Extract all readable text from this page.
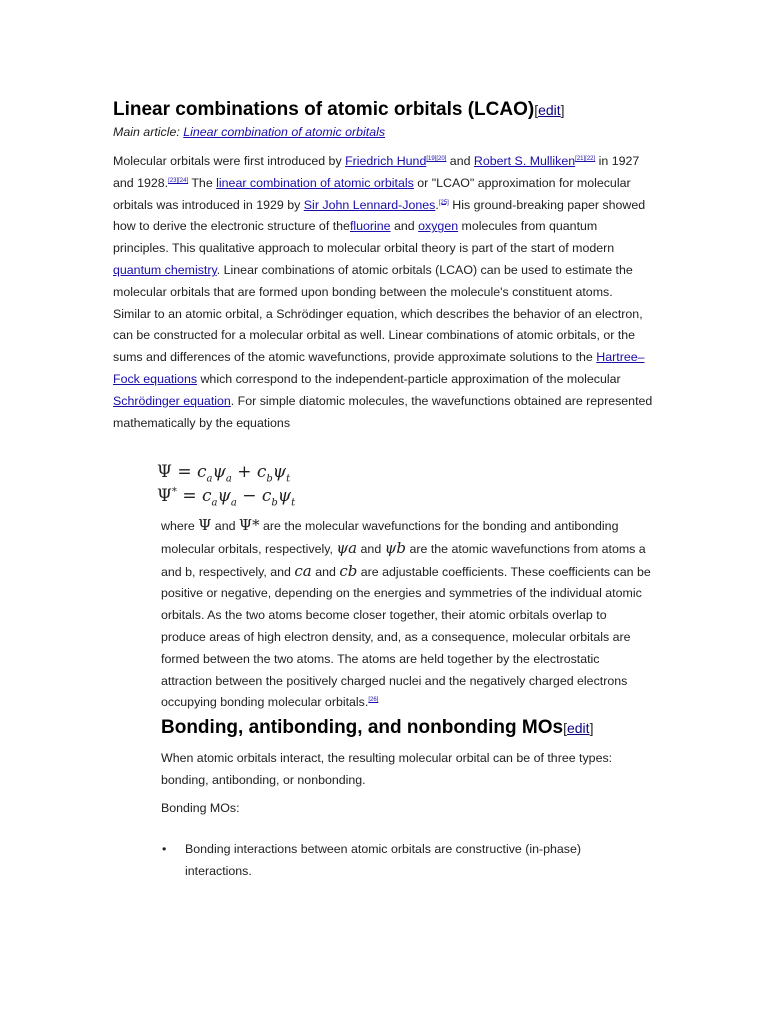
Linear combinations of atomic orbitals (LCAO)[edit]
Main article: Linear combination of atomic orbitals

Molecular orbitals were first introduced by Friedrich Hund[19][20] and Robert S. Mulliken[21][22] in 1927 and 1928.[23][24] The linear combination of atomic orbitals or "LCAO" approximation for molecular orbitals was introduced in 1929 by Sir John Lennard-Jones.[25] His ground-breaking paper showed how to derive the electronic structure of thefluorine and oxygen molecules from quantum principles. This qualitative approach to molecular orbital theory is part of the start of modern quantum chemistry. Linear combinations of atomic orbitals (LCAO) can be used to estimate the molecular orbitals that are formed upon bonding between the molecule's constituent atoms. Similar to an atomic orbital, a Schrödinger equation, which describes the behavior of an electron, can be constructed for a molecular orbital as well. Linear combinations of atomic orbitals, or the sums and differences of the atomic wavefunctions, provide approximate solutions to the Hartree–Fock equations which correspond to the independent-particle approximation of the molecular Schrödinger equation. For simple diatomic molecules, the wavefunctions obtained are represented mathematically by the equations

$\Psi = c_a\psi_a + c_b\psi_t$
$\Psi^* = c_a\psi_a - c_b\psi_t$

where Ψ and Ψ* are the molecular wavefunctions for the bonding and antibonding molecular orbitals, respectively, ψa and ψb are the atomic wavefunctions from atoms a and b, respectively, and ca and cb are adjustable coefficients. These coefficients can be positive or negative, depending on the energies and symmetries of the individual atomic orbitals. As the two atoms become closer together, their atomic orbitals overlap to produce areas of high electron density, and, as a consequence, molecular orbitals are formed between the two atoms. The atoms are held together by the electrostatic attraction between the positively charged nuclei and the negatively charged electrons occupying bonding molecular orbitals.[26]

Bonding, antibonding, and nonbonding MOs[edit]

When atomic orbitals interact, the resulting molecular orbital can be of three types: bonding, antibonding, or nonbonding.

Bonding MOs:

• Bonding interactions between atomic orbitals are constructive (in-phase) interactions.
